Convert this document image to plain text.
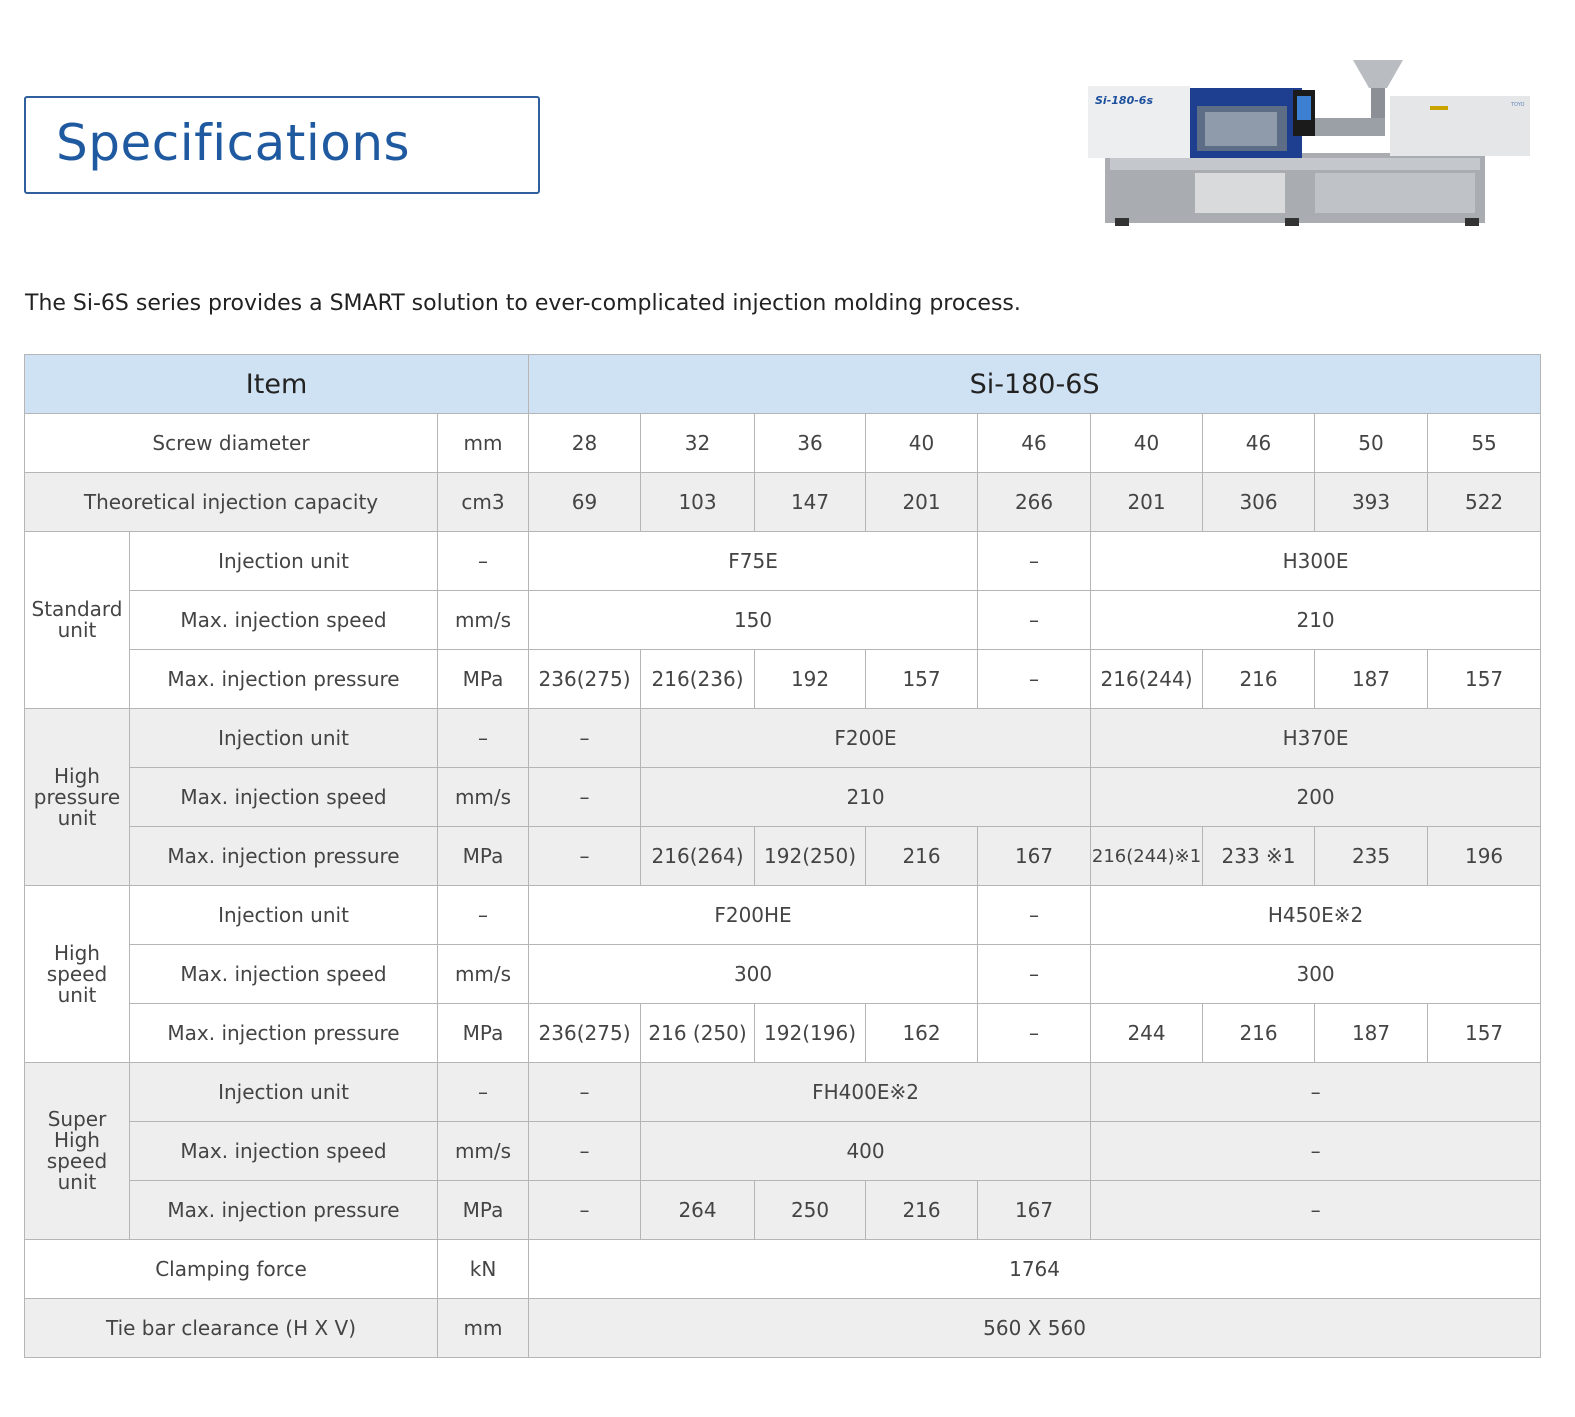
Specifications
Si-180-6s	TOYO
The Si-6S series provides a SMART solution to ever-complicated injection molding process.
Item			Si-180-6S								
Screw diameter		mm	28	32	36	40	46	40	46	50	55
Theoretical injection capacity		cm3	69	103	147	201	266	201	306	393	522
Standard unit	Injection unit	–	F75E				–	H300E			
	Max. injection speed	mm/s	150				–	210			
	Max. injection pressure	MPa	236(275)	216(236)	192	157	–	216(244)	216	187	157
High pressure unit	Injection unit	–	–	F200E				H370E			
	Max. injection speed	mm/s	–	210				200			
	Max. injection pressure	MPa	–	216(264)	192(250)	216	167	216(244)※1	233 ※1	235	196
High speed unit	Injection unit	–	F200HE				–	H450E※2			
	Max. injection speed	mm/s	300				–	300			
	Max. injection pressure	MPa	236(275)	216 (250)	192(196)	162	–	244	216	187	157
Super High speed unit	Injection unit	–	–	FH400E※2				–			
	Max. injection speed	mm/s	–	400				–			
	Max. injection pressure	MPa	–	264	250	216	167	–			
Clamping force		kN	1764								
Tie bar clearance (H X V)		mm	560 X 560								
